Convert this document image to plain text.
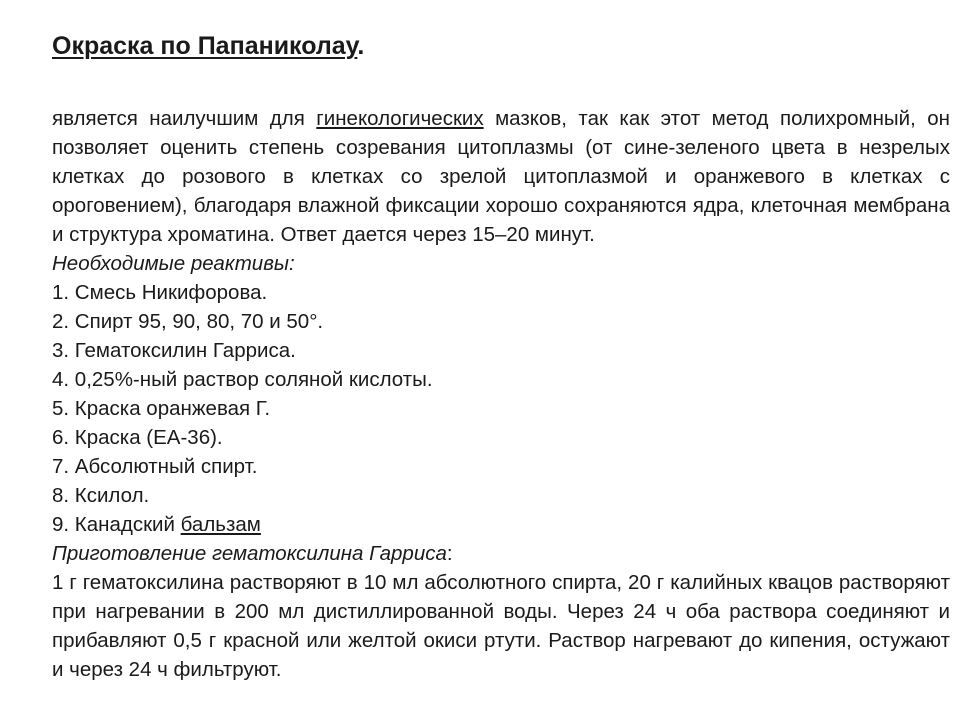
Окраска по Папаниколау.

является наилучшим для гинекологических мазков, так как этот метод полихромный, он позволяет оценить степень созревания цитоплазмы (от сине-зеленого цвета в незрелых клетках до розового в клетках со зрелой цитоплазмой и оранжевого в клетках с ороговением), благодаря влажной фиксации хорошо сохраняются ядра, клеточная мембрана и структура хроматина. Ответ дается через 15–20 минут.

Необходимые реактивы:

1. Смесь Никифорова.
2. Спирт 95, 90, 80, 70 и 50°.
3. Гематоксилин Гарриса.
4. 0,25%-ный раствор соляной кислоты.
5. Краска оранжевая Г.
6. Краска (EA-36).
7. Абсолютный спирт.
8. Ксилол.
9. Канадский бальзам

Приготовление гематоксилина Гарриса:

1 г гематоксилина растворяют в 10 мл абсолютного спирта, 20 г калийных квацов растворяют при нагревании в 200 мл дистиллированной воды. Через 24 ч оба раствора соединяют и прибавляют 0,5 г красной или желтой окиси ртути. Раствор нагревают до кипения, остужают и через 24 ч фильтруют.
